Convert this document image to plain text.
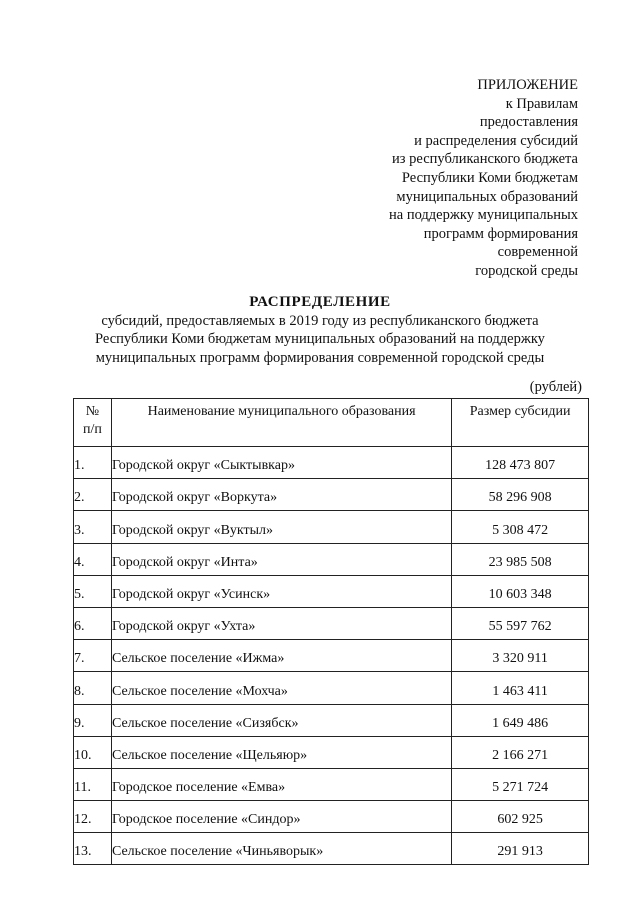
ПРИЛОЖЕНИЕ
к Правилам
предоставления
и распределения субсидий
из республиканского бюджета
Республики Коми бюджетам
муниципальных образований
на поддержку муниципальных
программ формирования
современной
городской среды
РАСПРЕДЕЛЕНИЕ
субсидий, предоставляемых в 2019 году из республиканского бюджета
Республики Коми бюджетам муниципальных образований на поддержку
муниципальных программ формирования современной городской среды
(рублей)
№
п/п	Наименование муниципального образования	Размер субсидии
1.	Городской округ «Сыктывкар»	128 473 807
2.	Городской округ «Воркута»	58 296 908
3.	Городской округ «Вуктыл»	5 308 472
4.	Городской округ «Инта»	23 985 508
5.	Городской округ «Усинск»	10 603 348
6.	Городской округ «Ухта»	55 597 762
7.	Сельское поселение «Ижма»	3 320 911
8.	Сельское поселение «Мохча»	1 463 411
9.	Сельское поселение «Сизябск»	1 649 486
10.	Сельское поселение «Щельяюр»	2 166 271
11.	Городское поселение «Емва»	5 271 724
12.	Городское поселение «Синдор»	602 925
13.	Сельское поселение «Чиньяворык»	291 913
